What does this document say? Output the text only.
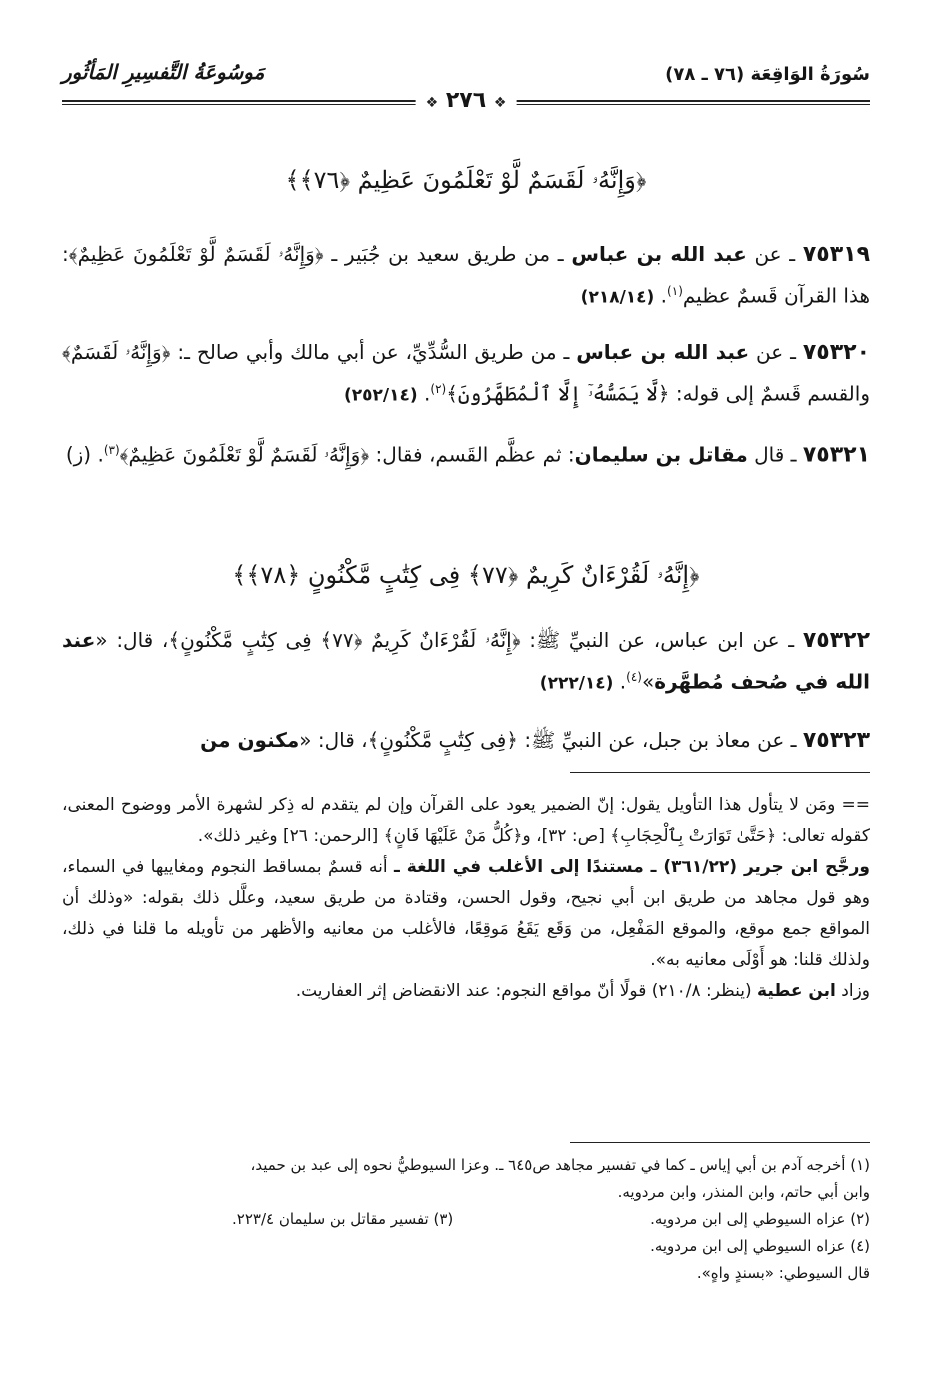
سُورَةُ الوَاقِعَة (٧٦ ـ ٧٨)
مَوسُوعَةُ التَّفسِيرِ المَأثُور
❖ ٢٧٦ ❖
﴿وَإِنَّهُۥ لَقَسَمٌ لَّوْ تَعْلَمُونَ عَظِيمٌ ﴿٧٦﴾﴾
٧٥٣١٩ ـ عن عبد الله بن عباس ـ من طريق سعيد بن جُبَير ـ ﴿وَإِنَّهُۥ لَقَسَمٌ لَّوْ تَعْلَمُونَ عَظِيمٌ﴾: هذا القرآن قَسمٌ عظيم$^{(١)}$. (٢١٨/١٤)
٧٥٣٢٠ ـ عن عبد الله بن عباس ـ من طريق السُّدِّيِّ، عن أبي مالك وأبي صالح ـ: ﴿وَإِنَّهُۥ لَقَسَمٌ﴾ والقسم قَسمٌ إلى قوله: ﴿لَّا يَمَسُّهُۥٓ إِلَّا ٱلْمُطَهَّرُونَ﴾$^{(٢)}$. (٢٥٢/١٤)
٧٥٣٢١ ـ قال مقاتل بن سليمان: ثم عظَّم القَسم، فقال: ﴿وَإِنَّهُۥ لَقَسَمٌ لَّوْ تَعْلَمُونَ عَظِيمٌ﴾$^{(٣)}$. (ز)
﴿إِنَّهُۥ لَقُرْءَانٌ كَرِيمٌ ﴿٧٧﴾ فِى كِتَٰبٍ مَّكْنُونٍ ﴿٧٨﴾﴾
٧٥٣٢٢ ـ عن ابن عباس، عن النبيِّ ﷺ: ﴿إِنَّهُۥ لَقُرْءَانٌ كَرِيمٌ ﴿٧٧﴾ فِى كِتَٰبٍ مَّكْنُونٍ﴾، قال: «عند الله في صُحف مُطهَّرة»$^{(٤)}$. (٢٢٢/١٤)
٧٥٣٢٣ ـ عن معاذ بن جبل، عن النبيِّ ﷺ: ﴿فِى كِتَٰبٍ مَّكْنُونٍ﴾، قال: «مكنون من
== ومَن لا يتأول هذا التأويل يقول: إنّ الضمير يعود على القرآن وإن لم يتقدم له ذِكر لشهرة الأمر ووضوح المعنى، كقوله تعالى: ﴿حَتَّىٰ تَوَارَتْ بِٱلْحِجَابِ﴾ [ص: ٣٢]، و﴿كُلُّ مَنْ عَلَيْهَا فَانٍ﴾ [الرحمن: ٢٦] وغير ذلك».
ورجَّح ابن جرير (٣٦١/٢٢) ـ مستندًا إلى الأغلب في اللغة ـ أنه قسمٌ بمساقط النجوم ومغاييها في السماء، وهو قول مجاهد من طريق ابن أبي نجيح، وقول الحسن، وقتادة من طريق سعيد، وعلَّل ذلك بقوله: «وذلك أن المواقع جمع موقع، والموقع المَفْعِل، من وَقَع يَقَعُ مَوقِعًا، فالأغلب من معانيه والأظهر من تأويله ما قلنا في ذلك، ولذلك قلنا: هو أَوْلَى معانيه به».
وزاد ابن عطية (ينظر: ٢١٠/٨) قولًا أنّ مواقع النجوم: عند الانقضاض إثر العفاريت.
(١) أخرجه آدم بن أبي إياس ـ كما في تفسير مجاهد ص٦٤٥ ـ. وعزا السيوطيُّ نحوه إلى عبد بن حميد،
وابن أبي حاتم، وابن المنذر، وابن مردويه.
(٢) عزاه السيوطي إلى ابن مردويه.
(٣) تفسير مقاتل بن سليمان ٢٢٣/٤.
(٤) عزاه السيوطي إلى ابن مردويه.
قال السيوطي: «بسندٍ واهٍ».
